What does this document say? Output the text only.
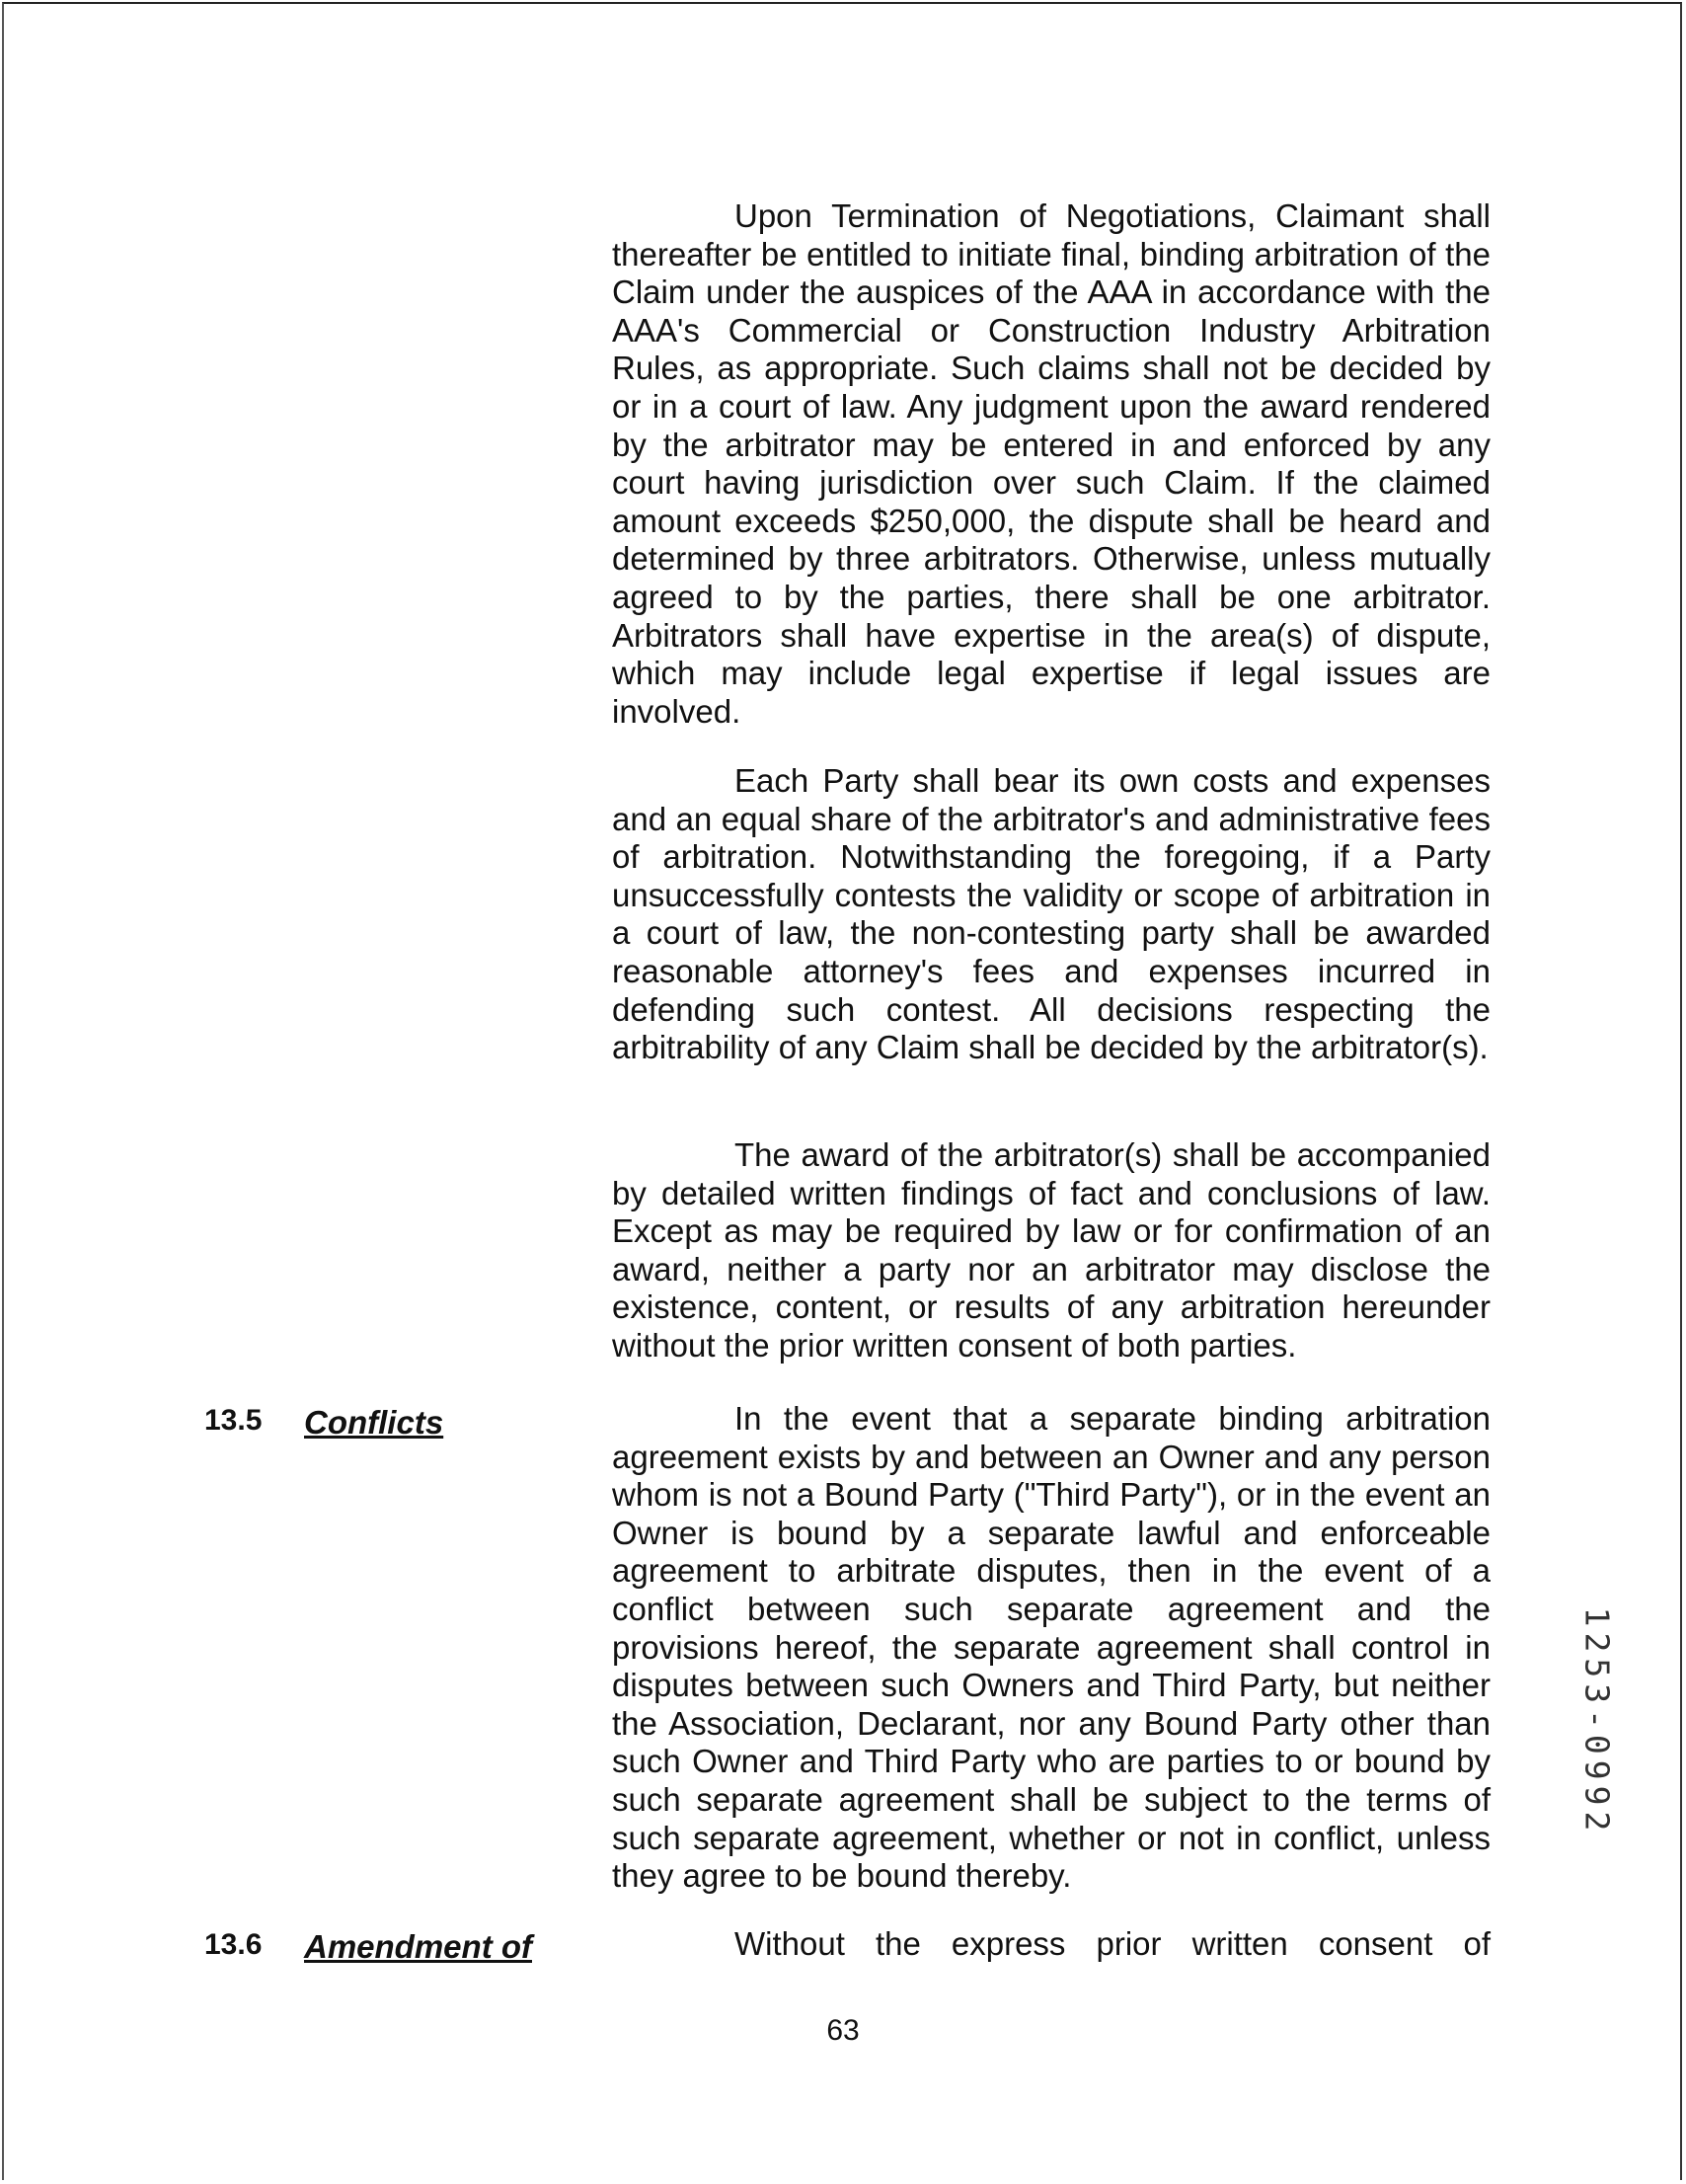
Upon Termination of Negotiations, Claimant shall thereafter be entitled to initiate final, binding arbitration of the Claim under the auspices of the AAA in accordance with the AAA's Commercial or Construction Industry Arbitration Rules, as appropriate. Such claims shall not be decided by or in a court of law. Any judgment upon the award rendered by the arbitrator may be entered in and enforced by any court having jurisdiction over such Claim. If the claimed amount exceeds $250,000, the dispute shall be heard and determined by three arbitrators. Otherwise, unless mutually agreed to by the parties, there shall be one arbitrator. Arbitrators shall have expertise in the area(s) of dispute, which may include legal expertise if legal issues are involved.

Each Party shall bear its own costs and expenses and an equal share of the arbitrator's and administrative fees of arbitration. Notwithstanding the foregoing, if a Party unsuccessfully contests the validity or scope of arbitration in a court of law, the non-contesting party shall be awarded reasonable attorney's fees and expenses incurred in defending such contest. All decisions respecting the arbitrability of any Claim shall be decided by the arbitrator(s).

The award of the arbitrator(s) shall be accompanied by detailed written findings of fact and conclusions of law. Except as may be required by law or for confirmation of an award, neither a party nor an arbitrator may disclose the existence, content, or results of any arbitration hereunder without the prior written consent of both parties.

13.5 Conflicts	In the event that a separate binding arbitration agreement exists by and between an Owner and any person whom is not a Bound Party ("Third Party"), or in the event an Owner is bound by a separate lawful and enforceable agreement to arbitrate disputes, then in the event of a conflict between such separate agreement and the provisions hereof, the separate agreement shall control in disputes between such Owners and Third Party, but neither the Association, Declarant, nor any Bound Party other than such Owner and Third Party who are parties to or bound by such separate agreement shall be subject to the terms of such separate agreement, whether or not in conflict, unless they agree to be bound thereby.

13.6 Amendment of	Without the express prior written consent of

63

1253-0992
